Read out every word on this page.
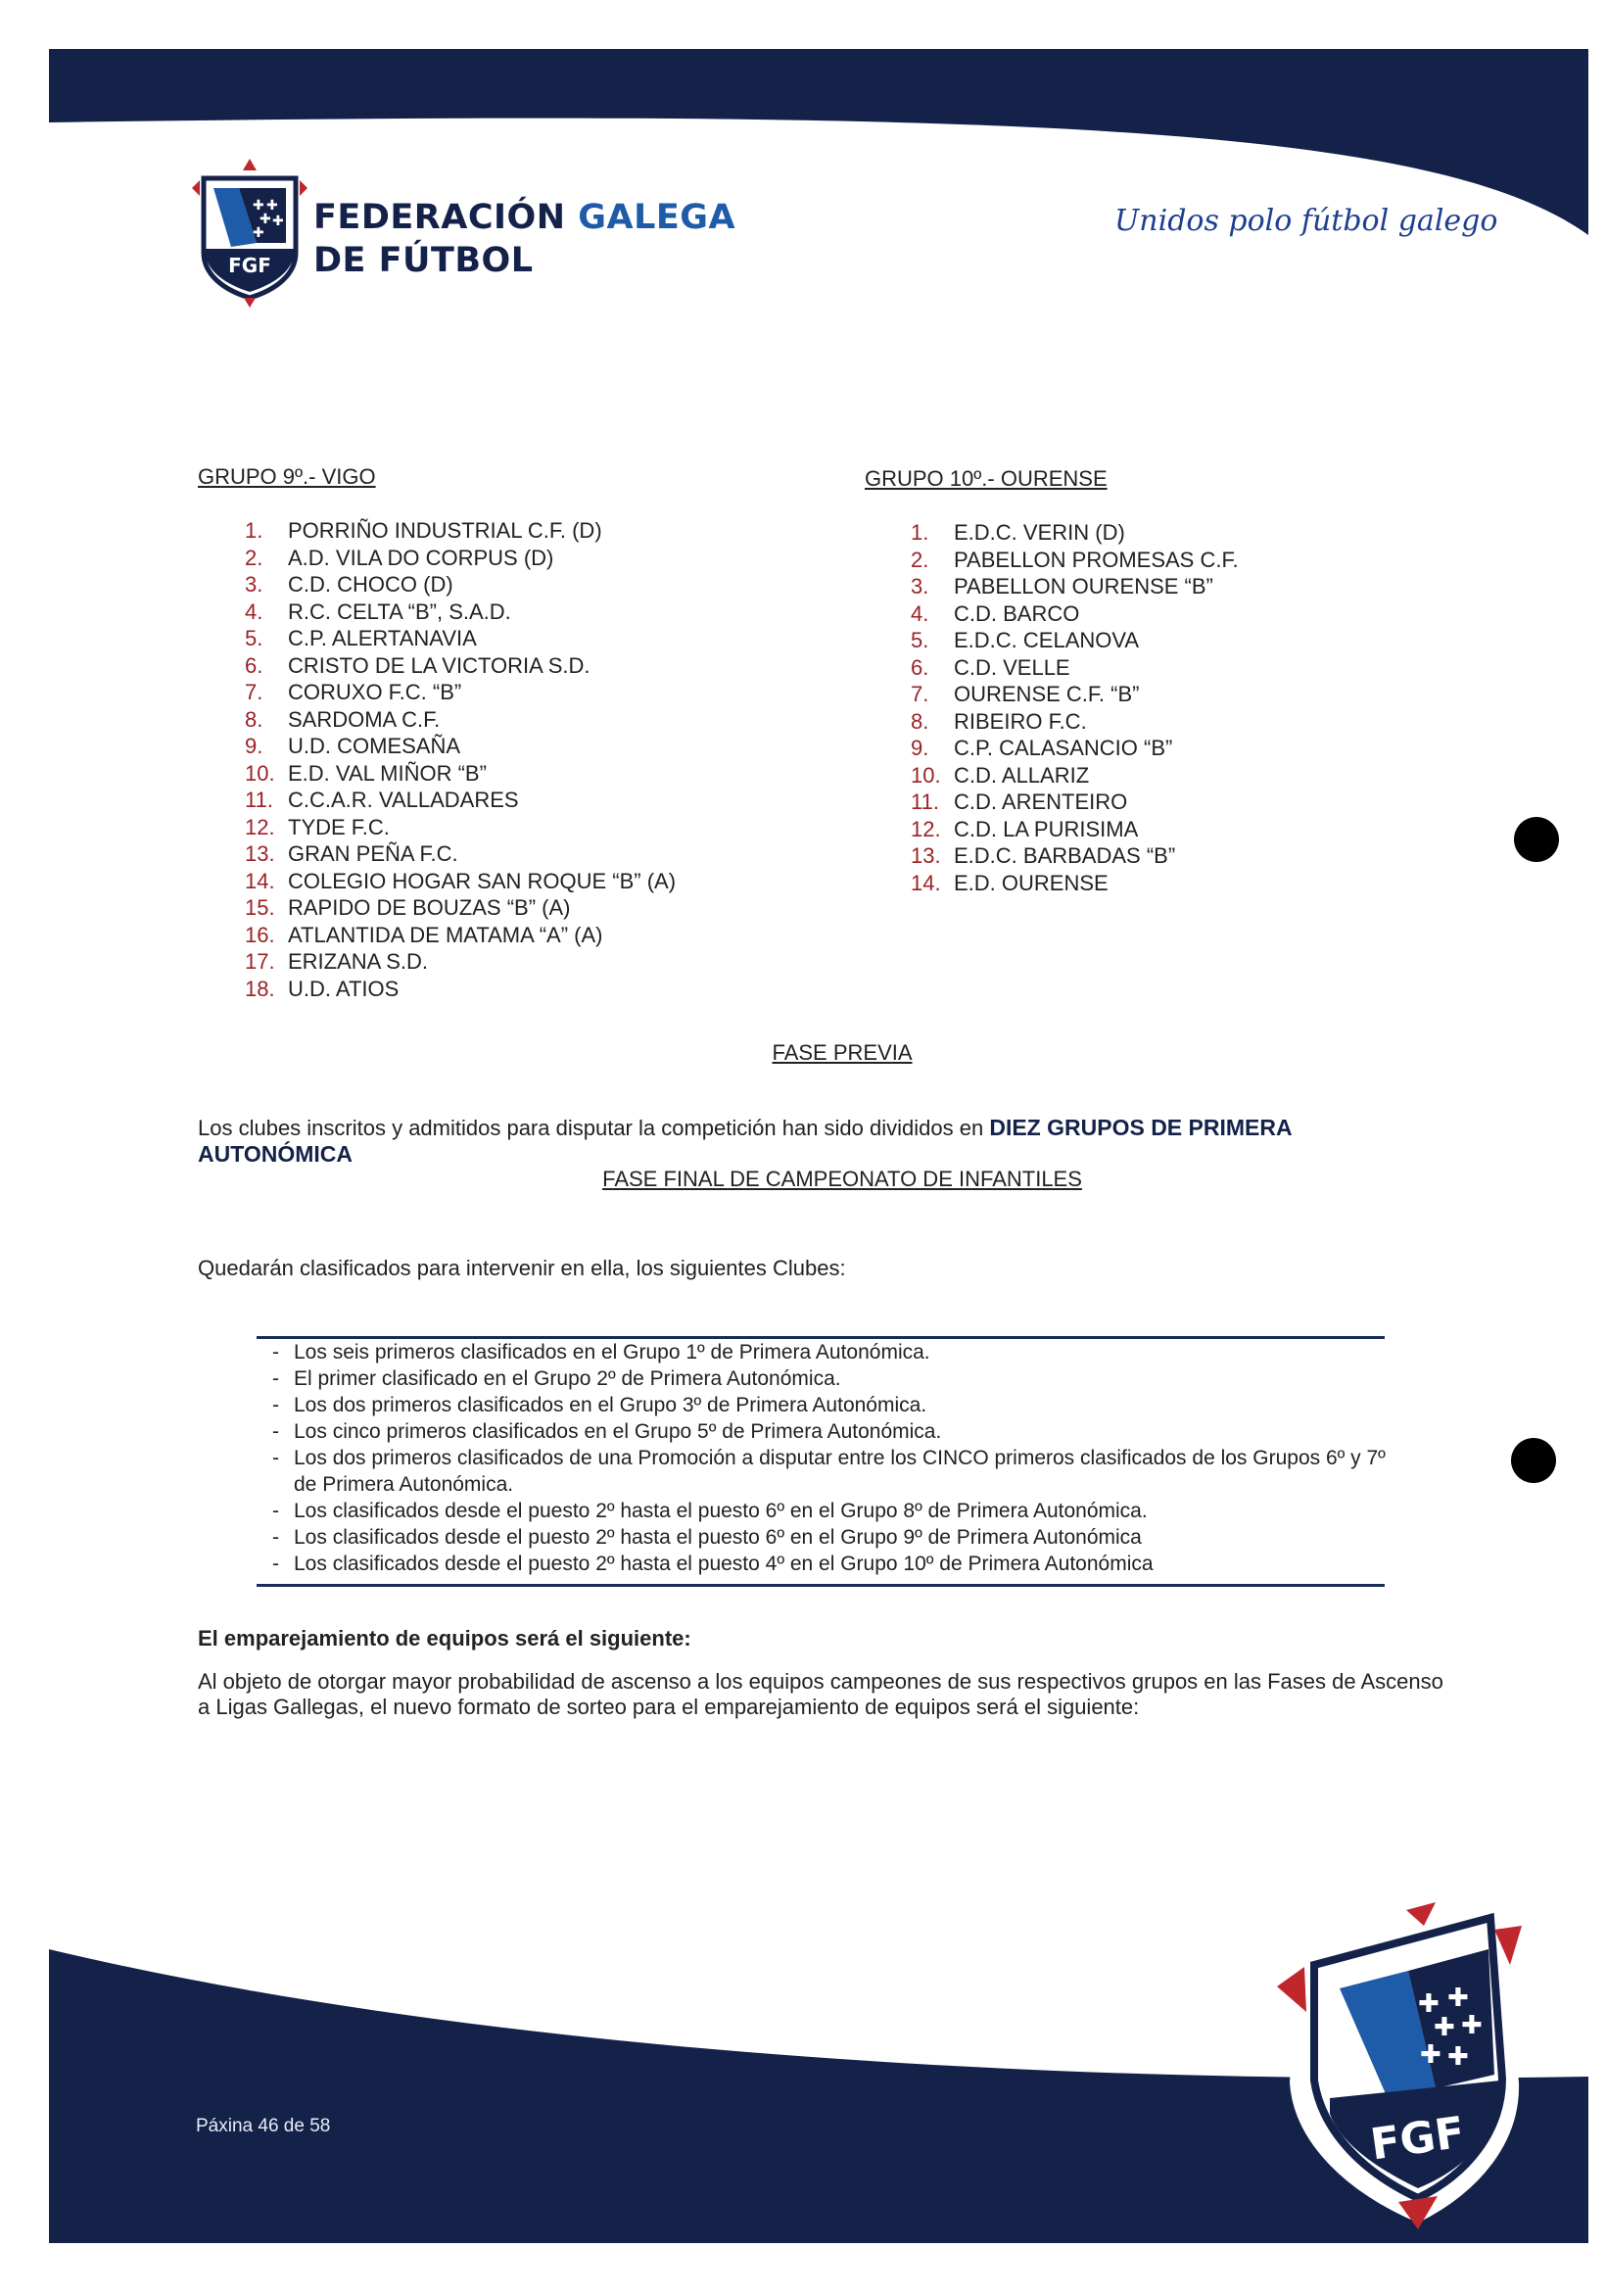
✚ ✚
✚ ✚
✚
FGF
FEDERACIÓN GALEGA
DE FÚTBOL
Unidos polo fútbol galego
GRUPO 9º.- VIGO
1. PORRIÑO INDUSTRIAL C.F. (D)
2. A.D. VILA DO CORPUS (D)
3. C.D. CHOCO (D)
4. R.C. CELTA “B”, S.A.D.
5. C.P. ALERTANAVIA
6. CRISTO DE LA VICTORIA S.D.
7. CORUXO F.C. “B”
8. SARDOMA C.F.
9. U.D. COMESAÑA
10. E.D. VAL MIÑOR “B”
11. C.C.A.R. VALLADARES
12. TYDE F.C.
13. GRAN PEÑA F.C.
14. COLEGIO HOGAR SAN ROQUE “B” (A)
15. RAPIDO DE BOUZAS “B” (A)
16. ATLANTIDA DE MATAMA “A” (A)
17. ERIZANA S.D.
18. U.D. ATIOS
GRUPO 10º.- OURENSE
1. E.D.C. VERIN (D)
2. PABELLON PROMESAS C.F.
3. PABELLON OURENSE “B”
4. C.D. BARCO
5. E.D.C. CELANOVA
6. C.D. VELLE
7. OURENSE C.F. “B”
8. RIBEIRO F.C.
9. C.P. CALASANCIO “B”
10. C.D. ALLARIZ
11. C.D. ARENTEIRO
12. C.D. LA PURISIMA
13. E.D.C. BARBADAS “B”
14. E.D. OURENSE
FASE PREVIA
Los clubes inscritos y admitidos para disputar la competición han sido divididos en DIEZ GRUPOS DE PRIMERA AUTONÓMICA
FASE FINAL DE CAMPEONATO DE INFANTILES
Quedarán clasificados para intervenir en ella, los siguientes Clubes:
- Los seis primeros clasificados en el Grupo 1º de Primera Autonómica.
- El primer clasificado en el Grupo 2º de Primera Autonómica.
- Los dos primeros clasificados en el Grupo 3º de Primera Autonómica.
- Los cinco primeros clasificados en el Grupo 5º de Primera Autonómica.
- Los dos primeros clasificados de una Promoción a disputar entre los CINCO primeros clasificados de los Grupos 6º y 7º de Primera Autonómica.
- Los clasificados desde el puesto 2º hasta el puesto 6º en el Grupo 8º de Primera Autonómica.
- Los clasificados desde el puesto 2º hasta el puesto 6º en el Grupo 9º de Primera Autonómica
- Los clasificados desde el puesto 2º hasta el puesto 4º en el Grupo 10º de Primera Autonómica
El emparejamiento de equipos será el siguiente:
Al objeto de otorgar mayor probabilidad de ascenso a los equipos campeones de sus respectivos grupos en las Fases de Ascenso a Ligas Gallegas, el nuevo formato de sorteo para el emparejamiento de equipos será el siguiente:
Páxina 46 de 58
✚ ✚
✚ ✚
✚ ✚
FGF
